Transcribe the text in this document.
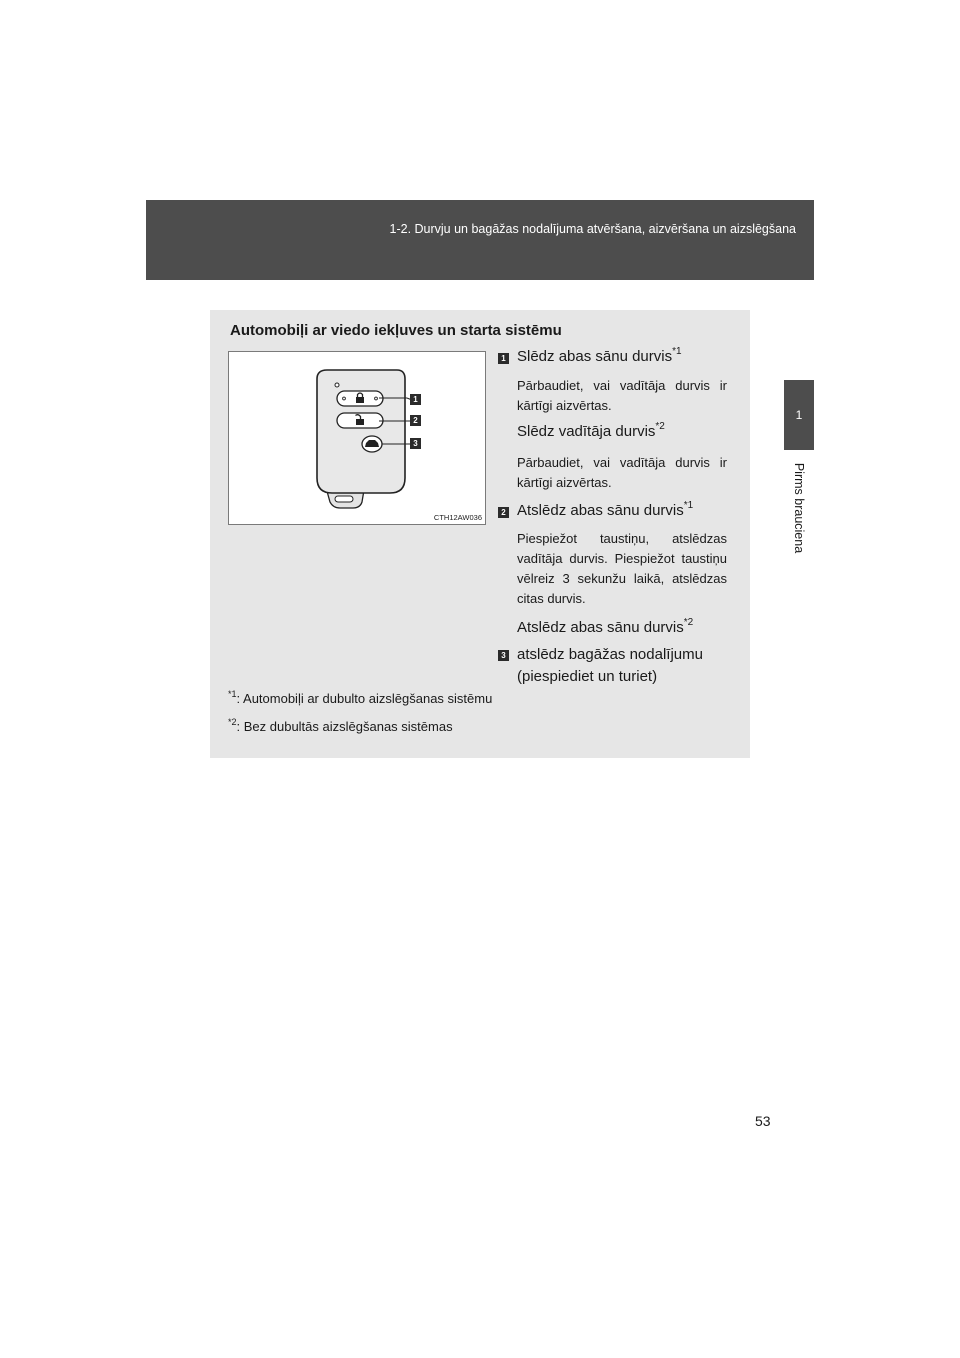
1-2. Durvju un bagāžas nodalījuma atvēršana, aizvēršana un aizslēgšana
1
Pirms brauciena
Automobiļi ar viedo iekļuves un starta sistēmu
1
2
3
CTH12AW036
1 Slēdz abas sānu durvis$^{*1}$
Pārbaudiet, vai vadītāja durvis ir kārtīgi aizvērtas.
Slēdz vadītāja durvis$^{*2}$
Pārbaudiet, vai vadītāja durvis ir kārtīgi aizvērtas.
2 Atslēdz abas sānu durvis$^{*1}$
Piespiežot taustiņu, atslēdzas vadītāja durvis. Piespiežot taustiņu vēlreiz 3 sekunžu laikā, atslēdzas citas durvis.
Atslēdz abas sānu durvis$^{*2}$
3 atslēdz bagāžas nodalījumu (piespiediet un turiet)
$^{*1}$: Automobiļi ar dubulto aizslēgšanas sistēmu
$^{*2}$: Bez dubultās aizslēgšanas sistēmas
53
